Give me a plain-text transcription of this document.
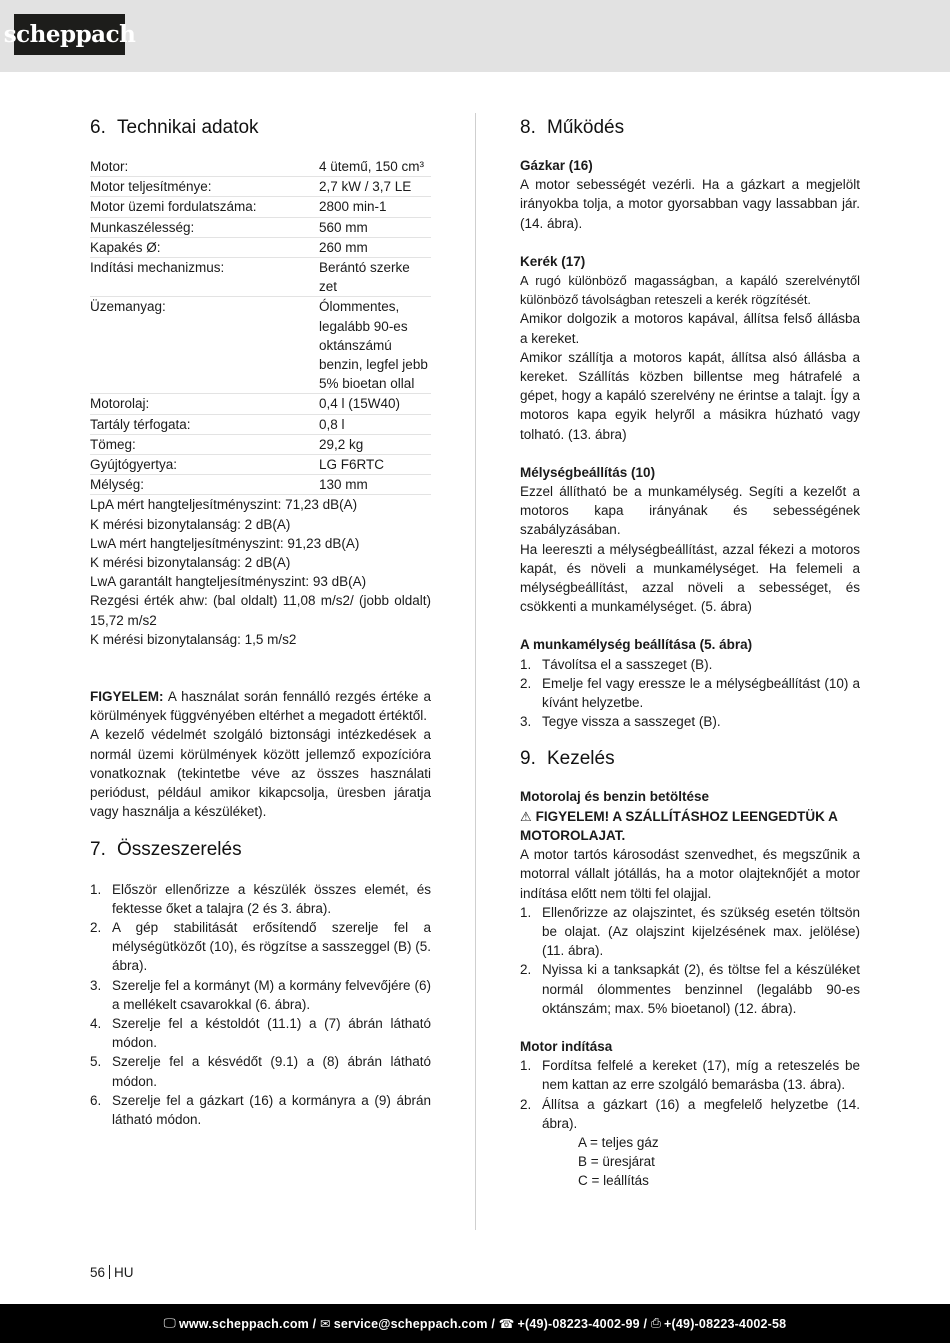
scheppach
6. Technikai adatok
Motor:	4 ütemű, 150 cm³
Motor teljesítménye:	2,7 kW / 3,7 LE
Motor üzemi fordulatszáma:	2800 min-1
Munkaszélesség:	560 mm
Kapakés Ø:	260 mm
Indítási mechanizmus:	Berántó szerke zet
Üzemanyag:	Ólommentes, legalább 90-es oktánszámú benzin, legfel jebb 5% bioetan ollal
Motorolaj:	0,4 l (15W40)
Tartály térfogata:	0,8 l
Tömeg:	29,2 kg
Gyújtógyertya:	LG F6RTC
Mélység:	130 mm
LpA mért hangteljesítményszint: 71,23 dB(A)
K mérési bizonytalanság: 2 dB(A)
LwA mért hangteljesítményszint: 91,23 dB(A)
K mérési bizonytalanság: 2 dB(A)
LwA garantált hangteljesítményszint: 93 dB(A)
Rezgési érték ahw: (bal oldalt) 11,08 m/s2/ (jobb oldalt) 15,72 m/s2
K mérési bizonytalanság: 1,5 m/s2

FIGYELEM: A használat során fennálló rezgés értéke a körülmények függvényében eltérhet a megadott értéktől.

A kezelő védelmét szolgáló biztonsági intézkedések a normál üzemi körülmények között jellemző expozícióra vonatkoznak (tekintetbe véve az összes használati periódust, például amikor kikapcsolja, üresben járatja vagy használja a készüléket).

7. Összeszerelés
1. Először ellenőrizze a készülék összes elemét, és fektesse őket a talajra (2 és 3. ábra).
2. A gép stabilitását erősítendő szerelje fel a mélységütközőt (10), és rögzítse a sasszeggel (B) (5. ábra).
3. Szerelje fel a kormányt (M) a kormány felvevőjére (6) a mellékelt csavarokkal (6. ábra).
4. Szerelje fel a késtoldót (11.1) a (7) ábrán látható módon.
5. Szerelje fel a késvédőt (9.1) a (8) ábrán látható módon.
6. Szerelje fel a gázkart (16) a kormányra a (9) ábrán látható módon.
8. Működés
Gázkar (16)

A motor sebességét vezérli. Ha a gázkart a megjelölt irányokba tolja, a motor gyorsabban vagy lassabban jár. (14. ábra).

Kerék (17)

A rugó különböző magasságban, a kapáló szerelvénytől különböző távolságban reteszeli a kerék rögzítését.

Amikor dolgozik a motoros kapával, állítsa felső állásba a kereket.

Amikor szállítja a motoros kapát, állítsa alsó állásba a kereket. Szállítás közben billentse meg hátrafelé a gépet, hogy a kapáló szerelvény ne érintse a talajt. Így a motoros kapa egyik helyről a másikra húzható vagy tolható. (13. ábra)

Mélységbeállítás (10)

Ezzel állítható be a munkamélység. Segíti a kezelőt a motoros kapa irányának és sebességének szabályzásában.

Ha leereszti a mélységbeállítást, azzal fékezi a motoros kapát, és növeli a munkamélységet. Ha felemeli a mélységbeállítást, azzal növeli a sebességet, és csökkenti a munkamélységet. (5. ábra)

A munkamélység beállítása (5. ábra)
1. Távolítsa el a sasszeget (B).
2. Emelje fel vagy eressze le a mélységbeállítást (10) a kívánt helyzetbe.
3. Tegye vissza a sasszeget (B).
9. Kezelés
Motorolaj és benzin betöltése
⚠ FIGYELEM! A SZÁLLÍTÁSHOZ LEENGEDTÜK A MOTOROLAJAT.

A motor tartós károsodást szenvedhet, és megszűnik a motorral vállalt jótállás, ha a motor olajteknőjét a motor indítása előtt nem tölti fel olajjal.

1. Ellenőrizze az olajszintet, és szükség esetén töltsön be olajat. (Az olajszint kijelzésének max. jelölése) (11. ábra).
2. Nyissa ki a tanksapkát (2), és töltse fel a készüléket normál ólommentes benzinnel (legalább 90-es oktánszám; max. 5% bioetanol) (12. ábra).
Motor indítása
1. Fordítsa felfelé a kereket (17), míg a reteszelés be nem kattan az erre szolgáló bemarásba (13. ábra).
2. Állítsa a gázkart (16) a megfelelő helyzetbe (14. ábra).
A = teljes gáz
B = üresjárat
C = leállítás
56 HU
🖵 www.scheppach.com /
✉ service@scheppach.com /
☎ +(49)-08223-4002-99 /
⎙ +(49)-08223-4002-58
